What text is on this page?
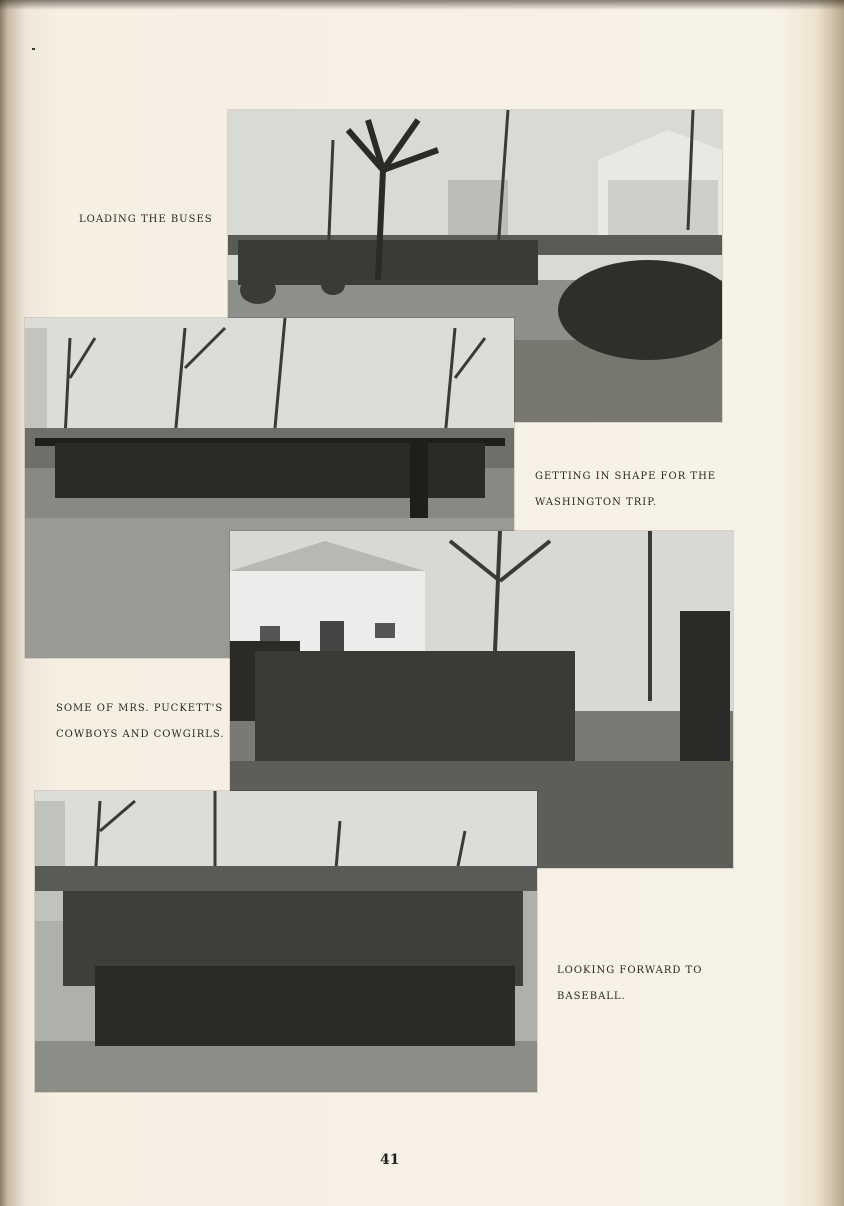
LOADING THE BUSES
GETTING IN SHAPE FOR THE
WASHINGTON TRIP.
SOME OF MRS. PUCKETT'S
COWBOYS AND COWGIRLS.
LOOKING FORWARD TO
BASEBALL.
41
